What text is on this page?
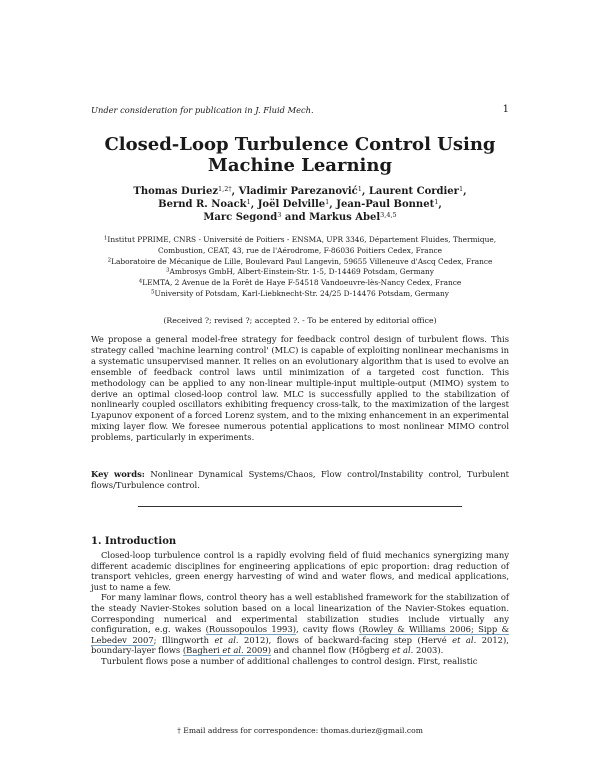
Under consideration for publication in J. Fluid Mech.	1
Closed-Loop Turbulence Control Using
Machine Learning
Thomas Duriez$^{1,2\dagger}$, Vladimir Parezanović$^1$, Laurent Cordier$^1$,
Bernd R. Noack$^1$, Joël Delville$^1$, Jean-Paul Bonnet$^1$,
Marc Segond$^3$ and Markus Abel$^{3,4,5}$
$^1$Institut PPRIME, CNRS - Université de Poitiers - ENSMA, UPR 3346, Département Fluides, Thermique, Combustion, CEAT, 43, rue de l'Aérodrome, F-86036 Poitiers Cedex, France
$^2$Laboratoire de Mécanique de Lille, Boulevard Paul Langevin, 59655 Villeneuve d'Ascq Cedex, France
$^3$Ambrosys GmbH, Albert-Einstein-Str. 1-5, D-14469 Potsdam, Germany
$^4$LEMTA, 2 Avenue de la Forêt de Haye F-54518 Vandoeuvre-lès-Nancy Cedex, France
$^5$University of Potsdam, Karl-Liebknecht-Str. 24/25 D-14476 Potsdam, Germany
(Received ?; revised ?; accepted ?. - To be entered by editorial office)
We propose a general model-free strategy for feedback control design of turbulent flows. This strategy called 'machine learning control' (MLC) is capable of exploiting nonlinear mechanisms in a systematic unsupervised manner. It relies on an evolutionary algorithm that is used to evolve an ensemble of feedback control laws until minimization of a targeted cost function. This methodology can be applied to any non-linear multiple-input multiple-output (MIMO) system to derive an optimal closed-loop control law. MLC is successfully applied to the stabilization of nonlinearly coupled oscillators exhibiting frequency cross-talk, to the maximization of the largest Lyapunov exponent of a forced Lorenz system, and to the mixing enhancement in an experimental mixing layer flow. We foresee numerous potential applications to most nonlinear MIMO control problems, particularly in experiments.
Key words: Nonlinear Dynamical Systems/Chaos, Flow control/Instability control, Turbulent flows/Turbulence control.
1. Introduction

Closed-loop turbulence control is a rapidly evolving field of fluid mechanics synergizing many different academic disciplines for engineering applications of epic proportion: drag reduction of transport vehicles, green energy harvesting of wind and water flows, and medical applications, just to name a few.

For many laminar flows, control theory has a well established framework for the stabilization of the steady Navier-Stokes solution based on a local linearization of the Navier-Stokes equation. Corresponding numerical and experimental stabilization studies include virtually any configuration, e.g. wakes (Roussopoulos 1993), cavity flows (Rowley & Williams 2006; Sipp & Lebedev 2007; Illingworth et al. 2012), flows of backward-facing step (Hervé et al. 2012), boundary-layer flows (Bagheri et al. 2009) and channel flow (Högberg et al. 2003).

Turbulent flows pose a number of additional challenges to control design. First, realistic

† Email address for correspondence: thomas.duriez@gmail.com
